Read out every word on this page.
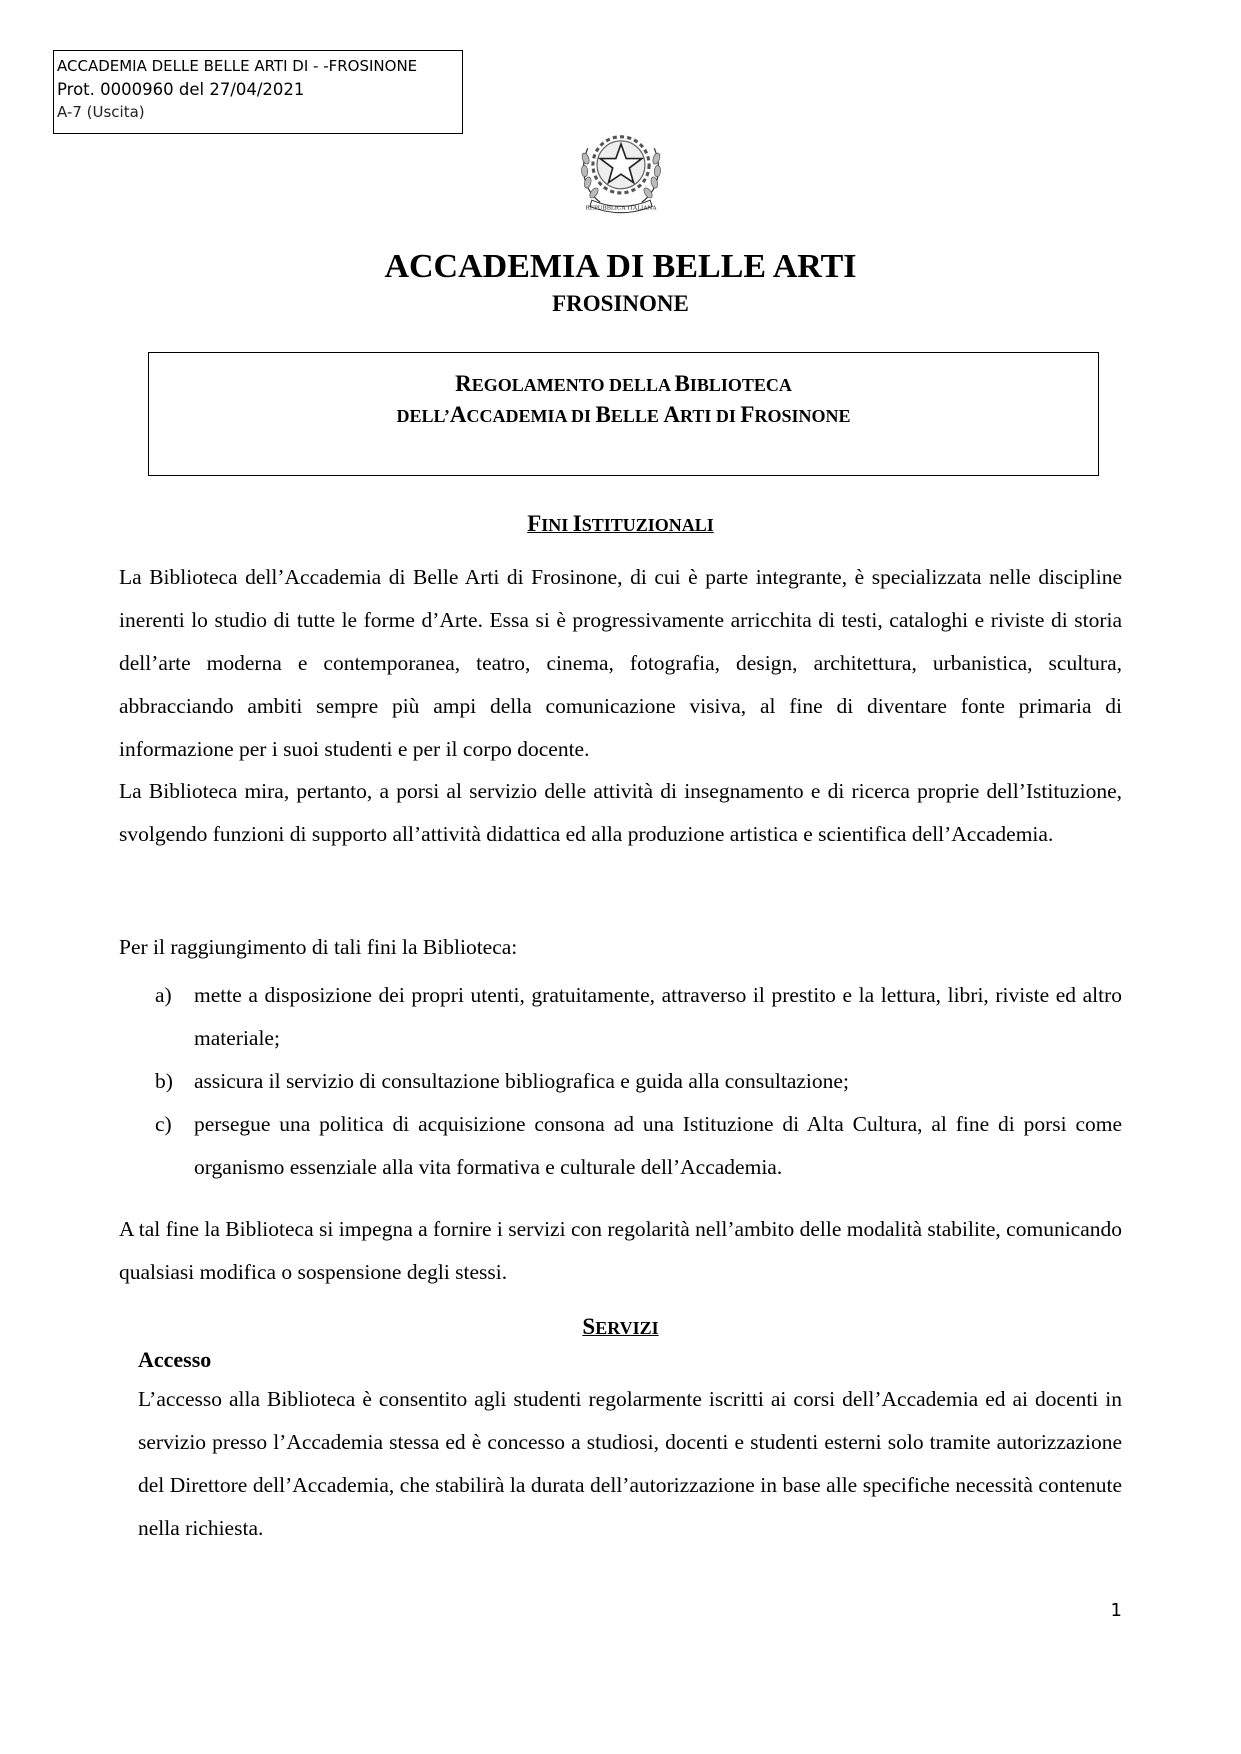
ACCADEMIA DELLE BELLE ARTI DI - -FROSINONE
Prot. 0000960 del 27/04/2021
A-7 (Uscita)
REPUBBLICA ITALIANA
ACCADEMIA DI BELLE ARTI
FROSINONE
REGOLAMENTO DELLA BIBLIOTECA
DELL’ACCADEMIA DI BELLE ARTI DI FROSINONE
FINI ISTITUZIONALI

La Biblioteca dell’Accademia di Belle Arti di Frosinone, di cui è parte integrante, è specializzata nelle discipline inerenti lo studio di tutte le forme d’Arte. Essa si è progressivamente arricchita di testi, cataloghi e riviste di storia dell’arte moderna e contemporanea, teatro, cinema, fotografia, design, architettura, urbanistica, scultura, abbracciando ambiti sempre più ampi della comunicazione visiva, al fine di diventare fonte primaria di informazione per i suoi studenti e per il corpo docente.

La Biblioteca mira, pertanto, a porsi al servizio delle attività di insegnamento e di ricerca proprie dell’Istituzione, svolgendo funzioni di supporto all’attività didattica ed alla produzione artistica e scientifica dell’Accademia.

Per il raggiungimento di tali fini la Biblioteca:

a) mette a disposizione dei propri utenti, gratuitamente, attraverso il prestito e la lettura, libri, riviste ed altro materiale;
b) assicura il servizio di consultazione bibliografica e guida alla consultazione;
c) persegue una politica di acquisizione consona ad una Istituzione di Alta Cultura, al fine di porsi come organismo essenziale alla vita formativa e culturale dell’Accademia.

A tal fine la Biblioteca si impegna a fornire i servizi con regolarità nell’ambito delle modalità stabilite, comunicando qualsiasi modifica o sospensione degli stessi.

SERVIZI
Accesso

L’accesso alla Biblioteca è consentito agli studenti regolarmente iscritti ai corsi dell’Accademia ed ai docenti in servizio presso l’Accademia stessa ed è concesso a studiosi, docenti e studenti esterni solo tramite autorizzazione del Direttore dell’Accademia, che stabilirà la durata dell’autorizzazione in base alle specifiche necessità contenute nella richiesta.

1
